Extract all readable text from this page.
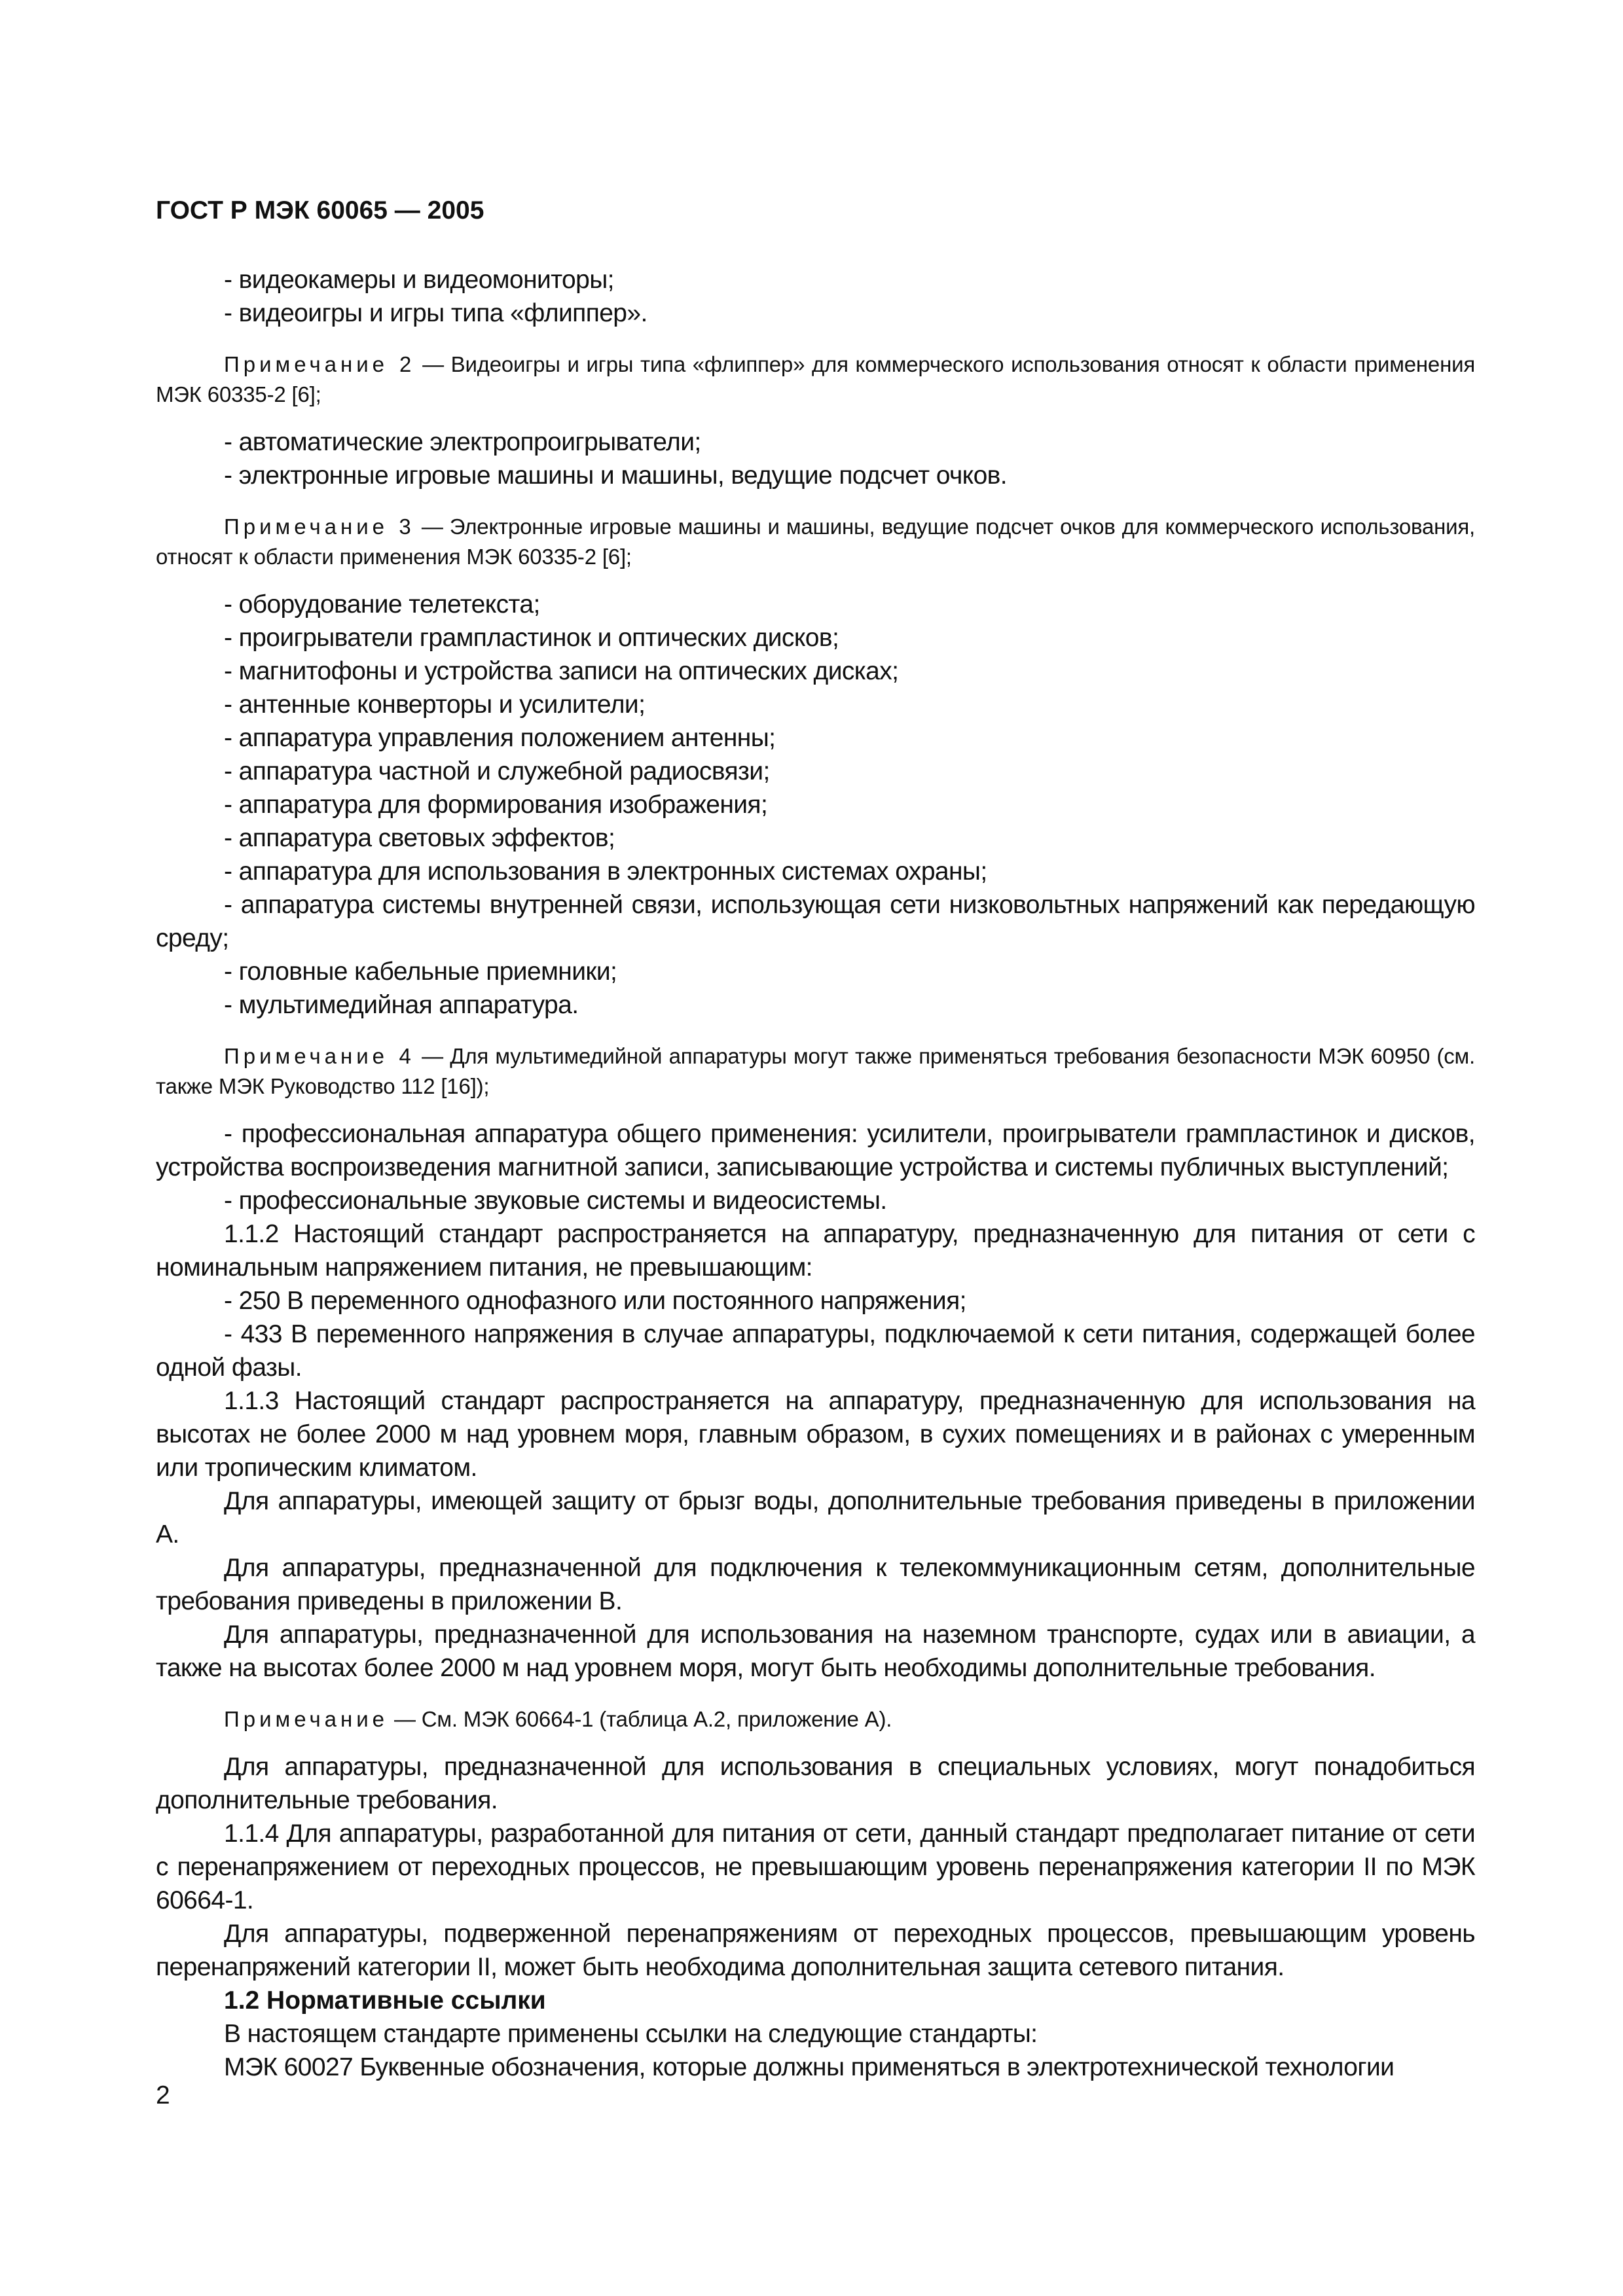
ГОСТ Р МЭК 60065 — 2005

- видеокамеры и видеомониторы;

- видеоигры и игры типа «флиппер».

Примечание 2 — Видеоигры и игры типа «флиппер» для коммерческого использования относят к области применения МЭК 60335-2 [6];

- автоматические электропроигрыватели;

- электронные игровые машины и машины, ведущие подсчет очков.

Примечание 3 — Электронные игровые машины и машины, ведущие подсчет очков для коммерческого использования, относят к области применения МЭК 60335-2 [6];

- оборудование телетекста;

- проигрыватели грампластинок и оптических дисков;

- магнитофоны и устройства записи на оптических дисках;

- антенные конверторы и усилители;

- аппаратура управления положением антенны;

- аппаратура частной и служебной радиосвязи;

- аппаратура для формирования изображения;

- аппаратура световых эффектов;

- аппаратура для использования в электронных системах охраны;

- аппаратура системы внутренней связи, использующая сети низковольтных напряжений как передающую среду;

- головные кабельные приемники;

- мультимедийная аппаратура.

Примечание 4 — Для мультимедийной аппаратуры могут также применяться требования безопасности МЭК 60950 (см. также МЭК Руководство 112 [16]);

- профессиональная аппаратура общего применения: усилители, проигрыватели грампластинок и дисков, устройства воспроизведения магнитной записи, записывающие устройства и системы публичных выступлений;

- профессиональные звуковые системы и видеосистемы.

1.1.2 Настоящий стандарт распространяется на аппаратуру, предназначенную для питания от сети с номинальным напряжением питания, не превышающим:

- 250 В переменного однофазного или постоянного напряжения;

- 433 В переменного напряжения в случае аппаратуры, подключаемой к сети питания, содержащей более одной фазы.

1.1.3 Настоящий стандарт распространяется на аппаратуру, предназначенную для использования на высотах не более 2000 м над уровнем моря, главным образом, в сухих помещениях и в районах с умеренным или тропическим климатом.

Для аппаратуры, имеющей защиту от брызг воды, дополнительные требования приведены в приложении А.

Для аппаратуры, предназначенной для подключения к телекоммуникационным сетям, дополнительные требования приведены в приложении В.

Для аппаратуры, предназначенной для использования на наземном транспорте, судах или в авиации, а также на высотах более 2000 м над уровнем моря, могут быть необходимы дополнительные требования.

Примечание — См. МЭК 60664-1 (таблица А.2, приложение А).

Для аппаратуры, предназначенной для использования в специальных условиях, могут понадобиться дополнительные требования.

1.1.4 Для аппаратуры, разработанной для питания от сети, данный стандарт предполагает питание от сети с перенапряжением от переходных процессов, не превышающим уровень перенапряжения категории II по МЭК 60664-1.

Для аппаратуры, подверженной перенапряжениям от переходных процессов, превышающим уровень перенапряжений категории II, может быть необходима дополнительная защита сетевого питания.

1.2 Нормативные ссылки

В настоящем стандарте применены ссылки на следующие стандарты:

МЭК 60027 Буквенные обозначения, которые должны применяться в электротехнической технологии

2
